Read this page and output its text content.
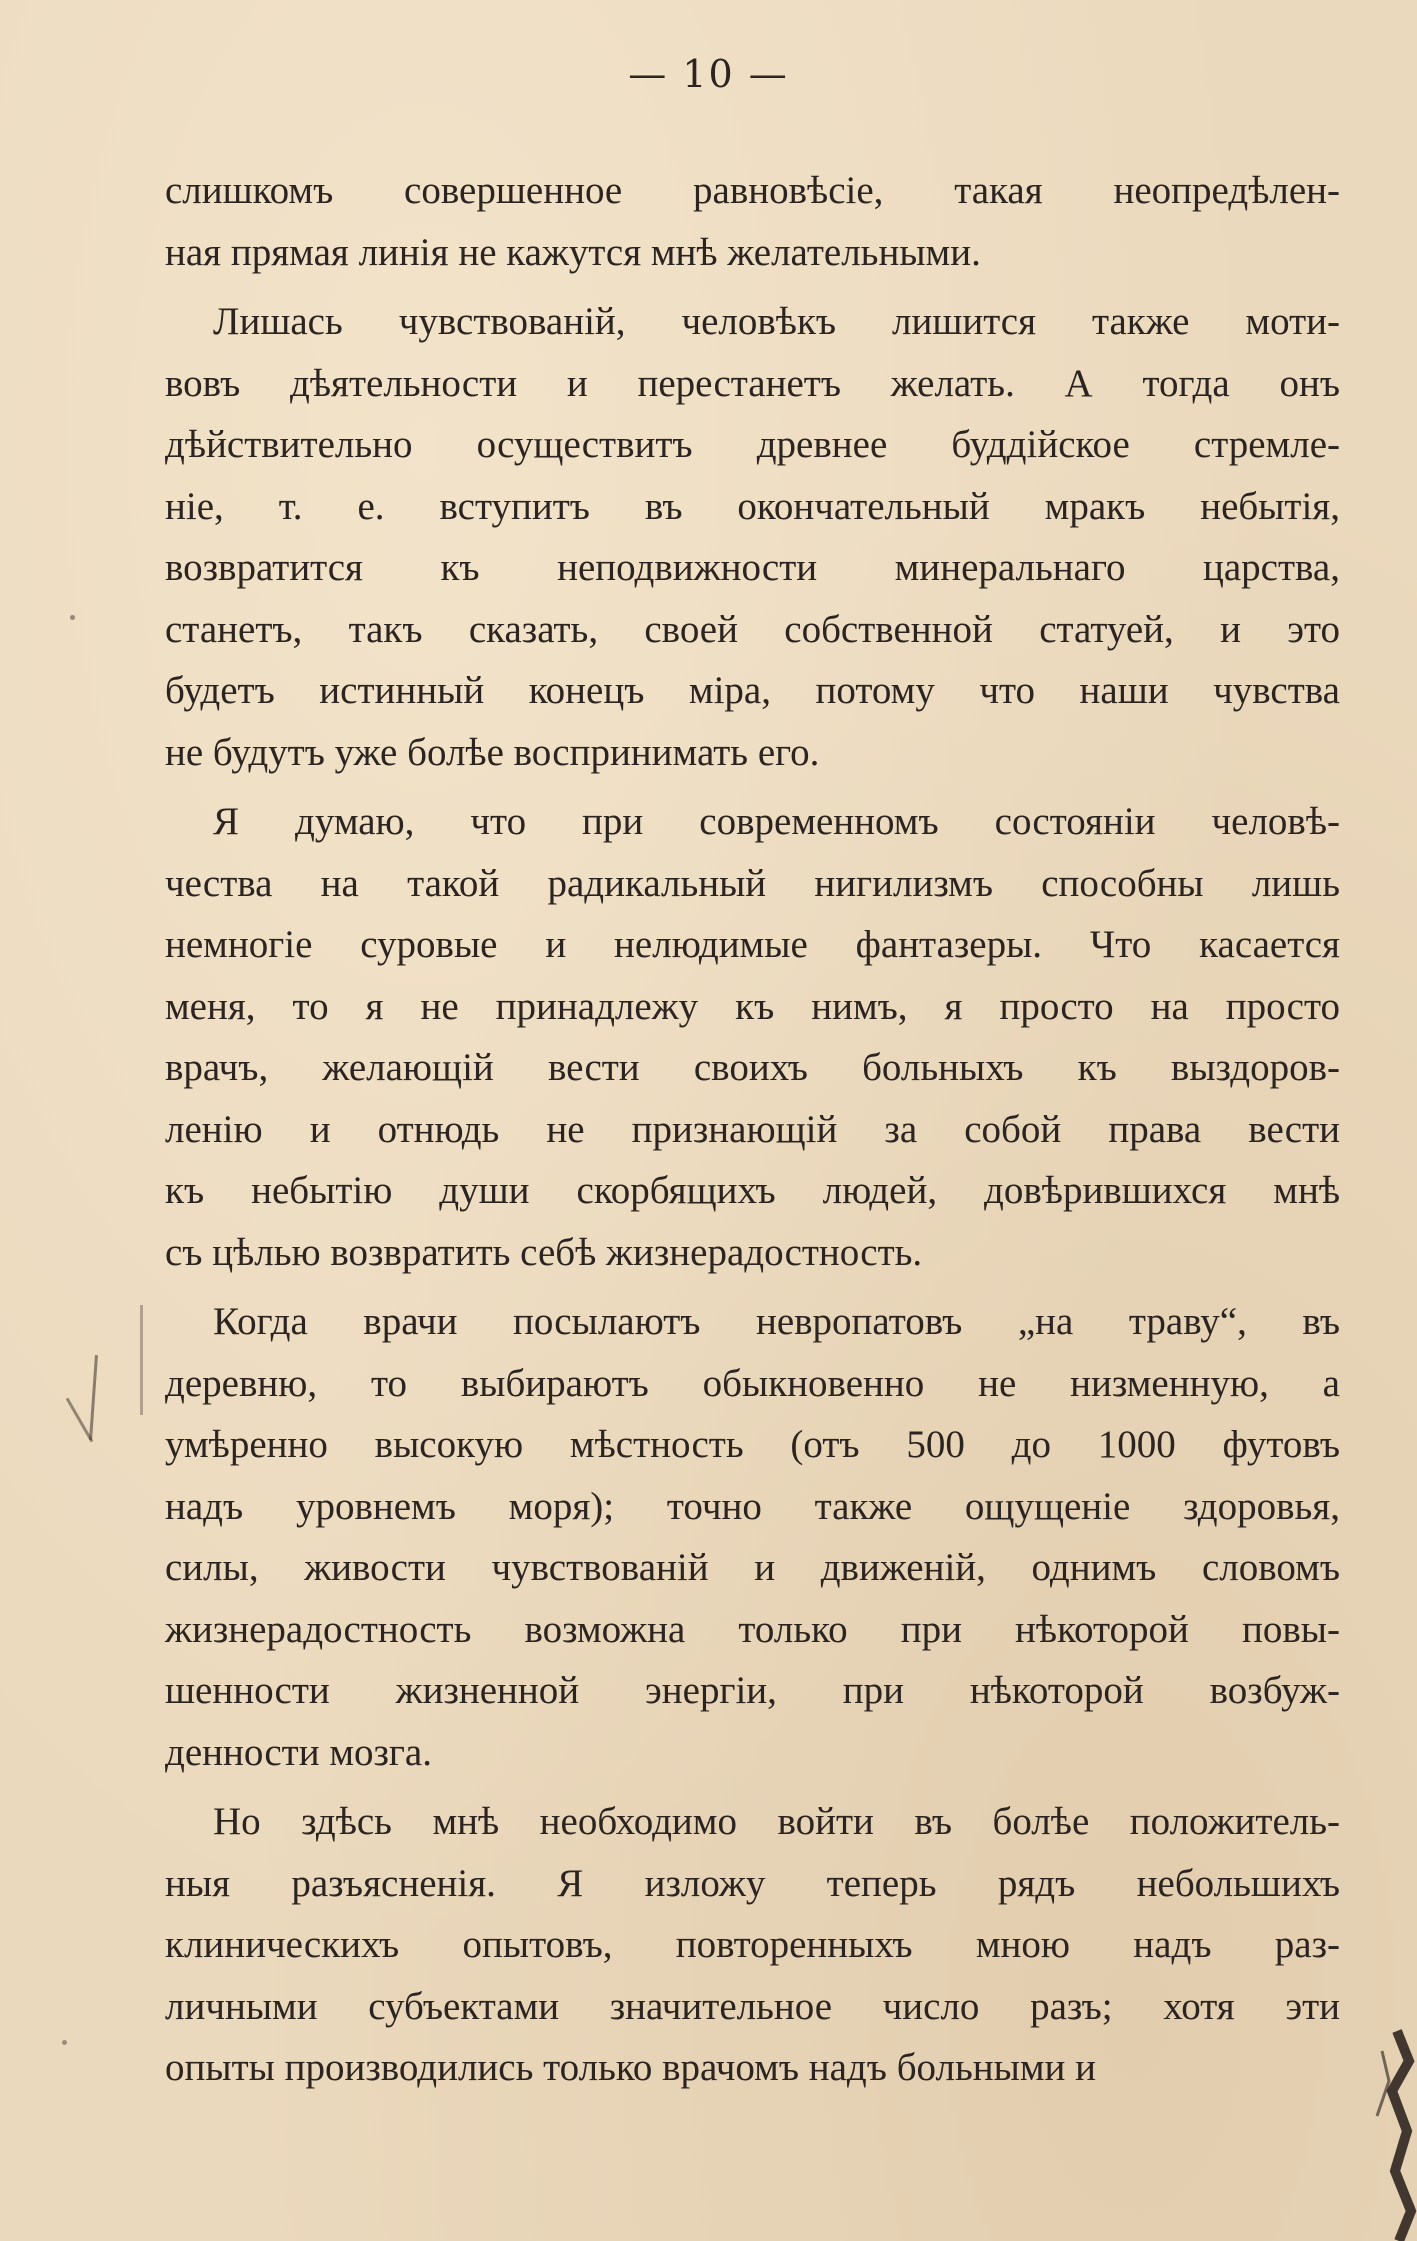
— 10 —

слишкомъ совершенное равновѣсіе, такая неопредѣлен-
ная прямая линія не кажутся мнѣ желательными.

Лишась чувствованій, человѣкъ лишится также моти-
вовъ дѣятельности и перестанетъ желать. А тогда онъ
дѣйствительно осуществитъ древнее буддійское стремле-
ніе, т. е. вступитъ въ окончательный мракъ небытія,
возвратится къ неподвижности минеральнаго царства,
станетъ, такъ сказать, своей собственной статуей, и это
будетъ истинный конецъ міра, потому что наши чувства
не будутъ уже болѣе воспринимать его.

Я думаю, что при современномъ состояніи человѣ-
чества на такой радикальный нигилизмъ способны лишь
немногіе суровые и нелюдимые фантазеры. Что касается
меня, то я не принадлежу къ нимъ, я просто на просто
врачъ, желающій вести своихъ больныхъ къ выздоров-
ленію и отнюдь не признающій за собой права вести
къ небытію души скорбящихъ людей, довѣрившихся мнѣ
съ цѣлью возвратить себѣ жизнерадостность.

Когда врачи посылаютъ невропатовъ „на траву“, въ
деревню, то выбираютъ обыкновенно не низменную, а
умѣренно высокую мѣстность (отъ 500 до 1000 футовъ
надъ уровнемъ моря); точно также ощущеніе здоровья,
силы, живости чувствованій и движеній, однимъ словомъ
жизнерадостность возможна только при нѣкоторой повы-
шенности жизненной энергіи, при нѣкоторой возбуж-
денности мозга.

Но здѣсь мнѣ необходимо войти въ болѣе положитель-
ныя разъясненія. Я изложу теперь рядъ небольшихъ
клиническихъ опытовъ, повторенныхъ мною надъ раз-
личными субъектами значительное число разъ; хотя эти
опыты производились только врачомъ надъ больными и
